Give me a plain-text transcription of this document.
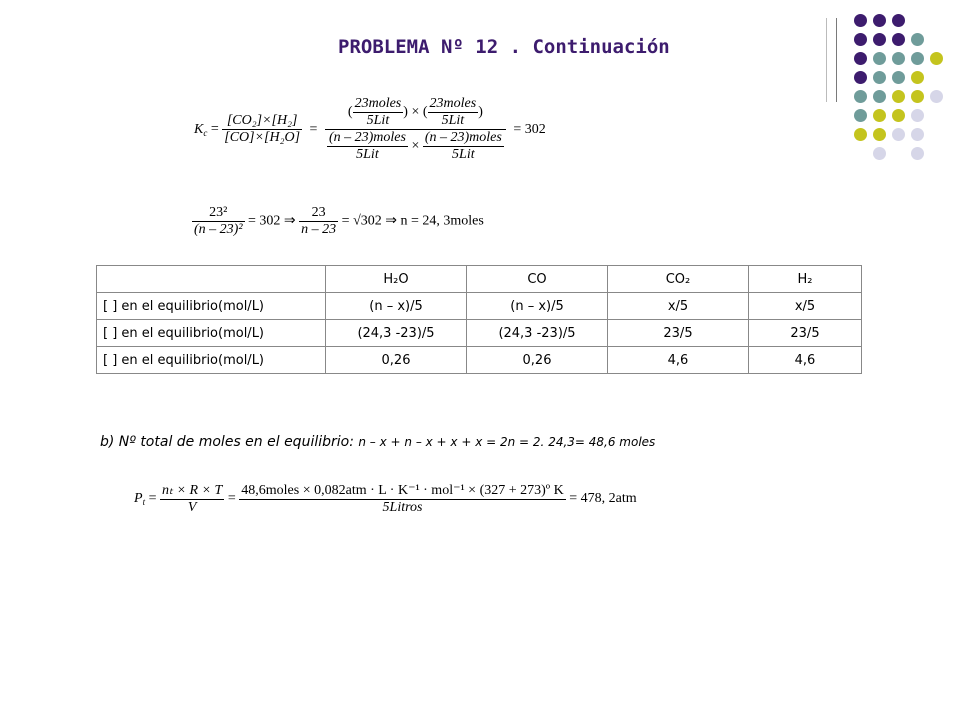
PROBLEMA Nº 12 . Continuación
$K_c = \frac{\text{[CO₂]×[H₂]}}{\text{[CO]×[H₂O]}} = \frac{( \frac{\text{23moles}}{\text{5Lit}} ) \times ( \frac{\text{23moles}}{\text{5Lit}} )}{\frac{\text{(n – 23)moles}}{\text{5Lit}} \times \frac{\text{(n – 23)moles}}{\text{5Lit}}} = 302$
$\frac{\text{23²}}{\text{(n – 23)²}} = 302$ ⇒ $\frac{23}{n - 23} = √302$ ⇒ n = 24, 3moles
	H₂O	CO	CO₂	H₂
[ ] en el equilibrio(mol/L)	(n – x)/5	(n – x)/5	x/5	x/5
[ ] en el equilibrio(mol/L)	(24,3 -23)/5	(24,3 -23)/5	23/5	23/5
[ ] en el equilibrio(mol/L)	0,26	0,26	4,6	4,6
b) Nº total de moles en el equilibrio: n – x + n – x + x + x = 2n = 2. 24,3= 48,6 moles
$P_t = \frac{\text{nₜ × R × T}}{V} = \frac{\text{48,6moles × 0,082atm · L · K⁻¹ · mol⁻¹ × (327 + 273)º K}}{\text{5Litros}} = 478$, 2atm
